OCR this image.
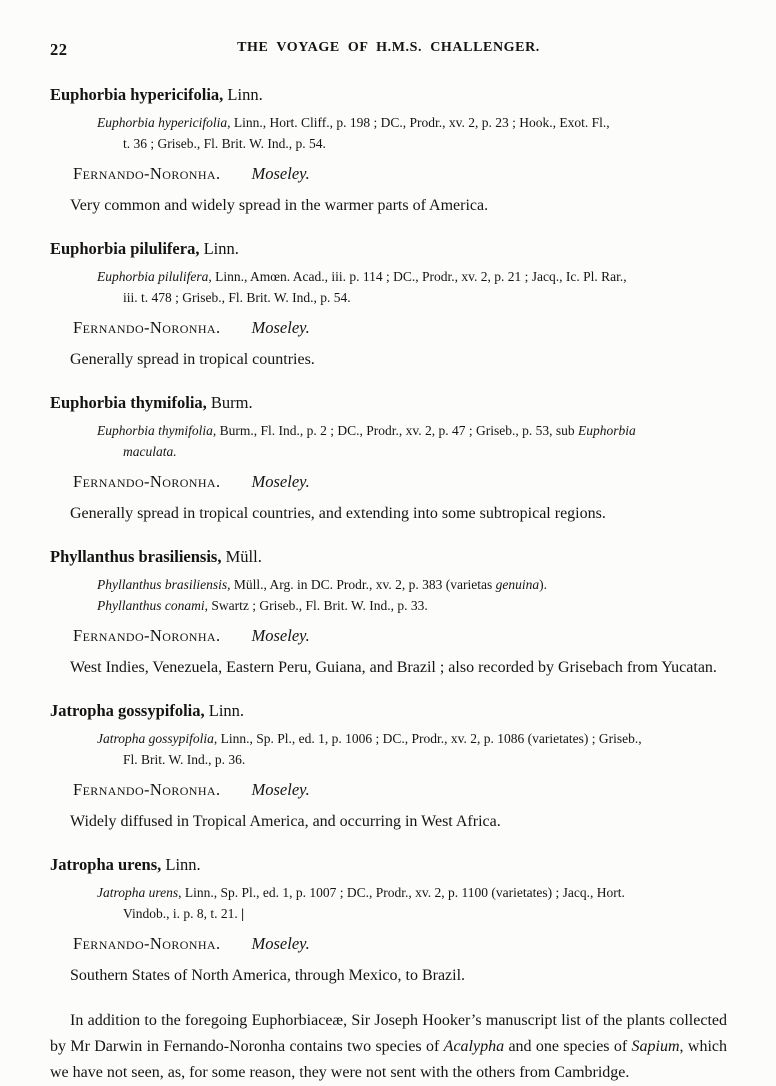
22	THE VOYAGE OF H.M.S. CHALLENGER.
Euphorbia hypericifolia, Linn.
Euphorbia hypericifolia, Linn., Hort. Cliff., p. 198 ; DC., Prodr., xv. 2, p. 23 ; Hook., Exot. Fl.,
t. 36 ; Griseb., Fl. Brit. W. Ind., p. 54.

Fernando-Noronha. Moseley.

Very common and widely spread in the warmer parts of America.

Euphorbia pilulifera, Linn.
Euphorbia pilulifera, Linn., Amœn. Acad., iii. p. 114 ; DC., Prodr., xv. 2, p. 21 ; Jacq., Ic. Pl. Rar.,
iii. t. 478 ; Griseb., Fl. Brit. W. Ind., p. 54.

Fernando-Noronha. Moseley.

Generally spread in tropical countries.

Euphorbia thymifolia, Burm.
Euphorbia thymifolia, Burm., Fl. Ind., p. 2 ; DC., Prodr., xv. 2, p. 47 ; Griseb., p. 53, sub Euphorbia
maculata.

Fernando-Noronha. Moseley.

Generally spread in tropical countries, and extending into some subtropical regions.

Phyllanthus brasiliensis, Müll.
Phyllanthus brasiliensis, Müll., Arg. in DC. Prodr., xv. 2, p. 383 (varietas genuina).
Phyllanthus conami, Swartz ; Griseb., Fl. Brit. W. Ind., p. 33.

Fernando-Noronha. Moseley.

West Indies, Venezuela, Eastern Peru, Guiana, and Brazil ; also recorded by Grisebach from Yucatan.

Jatropha gossypifolia, Linn.
Jatropha gossypifolia, Linn., Sp. Pl., ed. 1, p. 1006 ; DC., Prodr., xv. 2, p. 1086 (varietates) ; Griseb.,
Fl. Brit. W. Ind., p. 36.

Fernando-Noronha. Moseley.

Widely diffused in Tropical America, and occurring in West Africa.

Jatropha urens, Linn.
Jatropha urens, Linn., Sp. Pl., ed. 1, p. 1007 ; DC., Prodr., xv. 2, p. 1100 (varietates) ; Jacq., Hort.
Vindob., i. p. 8, t. 21. |

Fernando-Noronha. Moseley.

Southern States of North America, through Mexico, to Brazil.

In addition to the foregoing Euphorbiaceæ, Sir Joseph Hooker’s manuscript list of the plants collected by Mr Darwin in Fernando-Noronha contains two species of Acalypha and one species of Sapium, which we have not seen, as, for some reason, they were not sent with the others from Cambridge.
